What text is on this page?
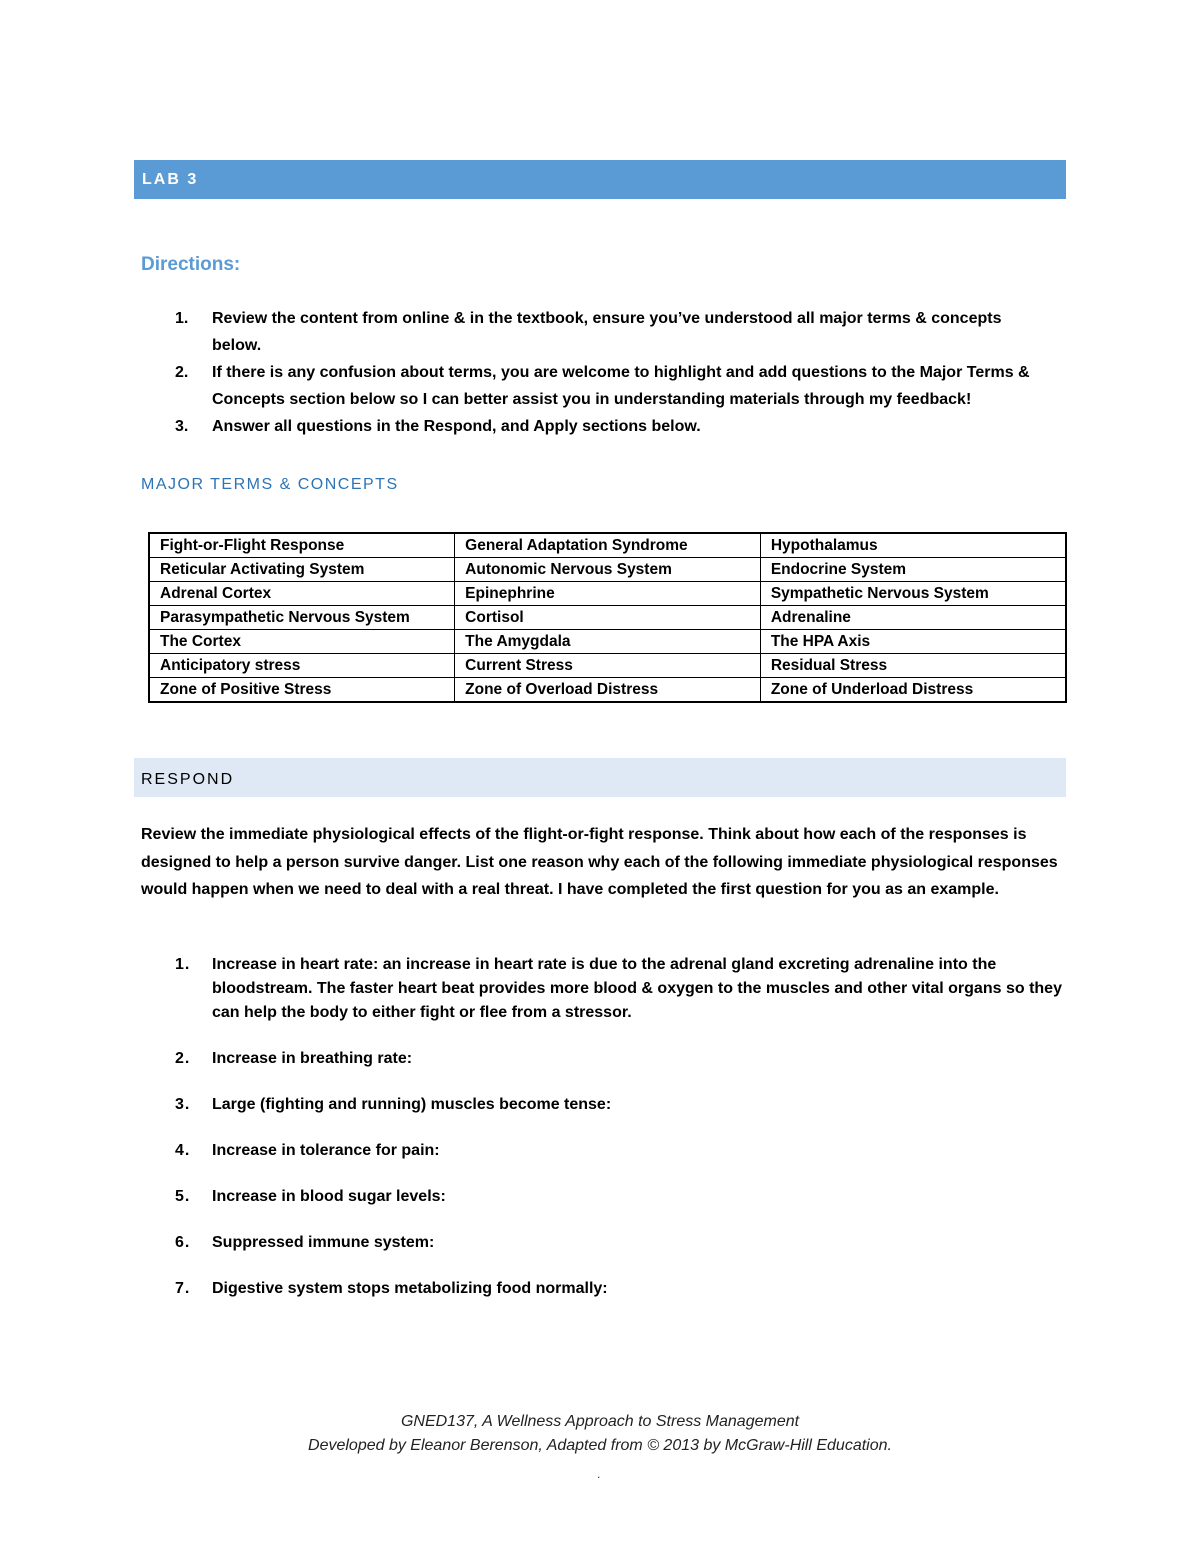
LAB 3
Directions:
1. Review the content from online & in the textbook, ensure you’ve understood all major terms & concepts below.
2. If there is any confusion about terms, you are welcome to highlight and add questions to the Major Terms & Concepts section below so I can better assist you in understanding materials through my feedback!
3. Answer all questions in the Respond, and Apply sections below.
MAJOR TERMS & CONCEPTS
Fight-or-Flight Response	General Adaptation Syndrome	Hypothalamus
Reticular Activating System	Autonomic Nervous System	Endocrine System
Adrenal Cortex	Epinephrine	Sympathetic Nervous System
Parasympathetic Nervous System	Cortisol	Adrenaline
The Cortex	The Amygdala	The HPA Axis
Anticipatory stress	Current Stress	Residual Stress
Zone of Positive Stress	Zone of Overload Distress	Zone of Underload Distress
RESPOND

Review the immediate physiological effects of the flight-or-fight response. Think about how each of the responses is designed to help a person survive danger. List one reason why each of the following immediate physiological responses would happen when we need to deal with a real threat. I have completed the first question for you as an example.

1. Increase in heart rate: an increase in heart rate is due to the adrenal gland excreting adrenaline into the bloodstream. The faster heart beat provides more blood & oxygen to the muscles and other vital organs so they can help the body to either fight or flee from a stressor.
2. Increase in breathing rate:
3. Large (fighting and running) muscles become tense:
4. Increase in tolerance for pain:
5. Increase in blood sugar levels:
6. Suppressed immune system:
7. Digestive system stops metabolizing food normally:
GNED137, A Wellness Approach to Stress Management
Developed by Eleanor Berenson, Adapted from © 2013 by McGraw-Hill Education.
.
